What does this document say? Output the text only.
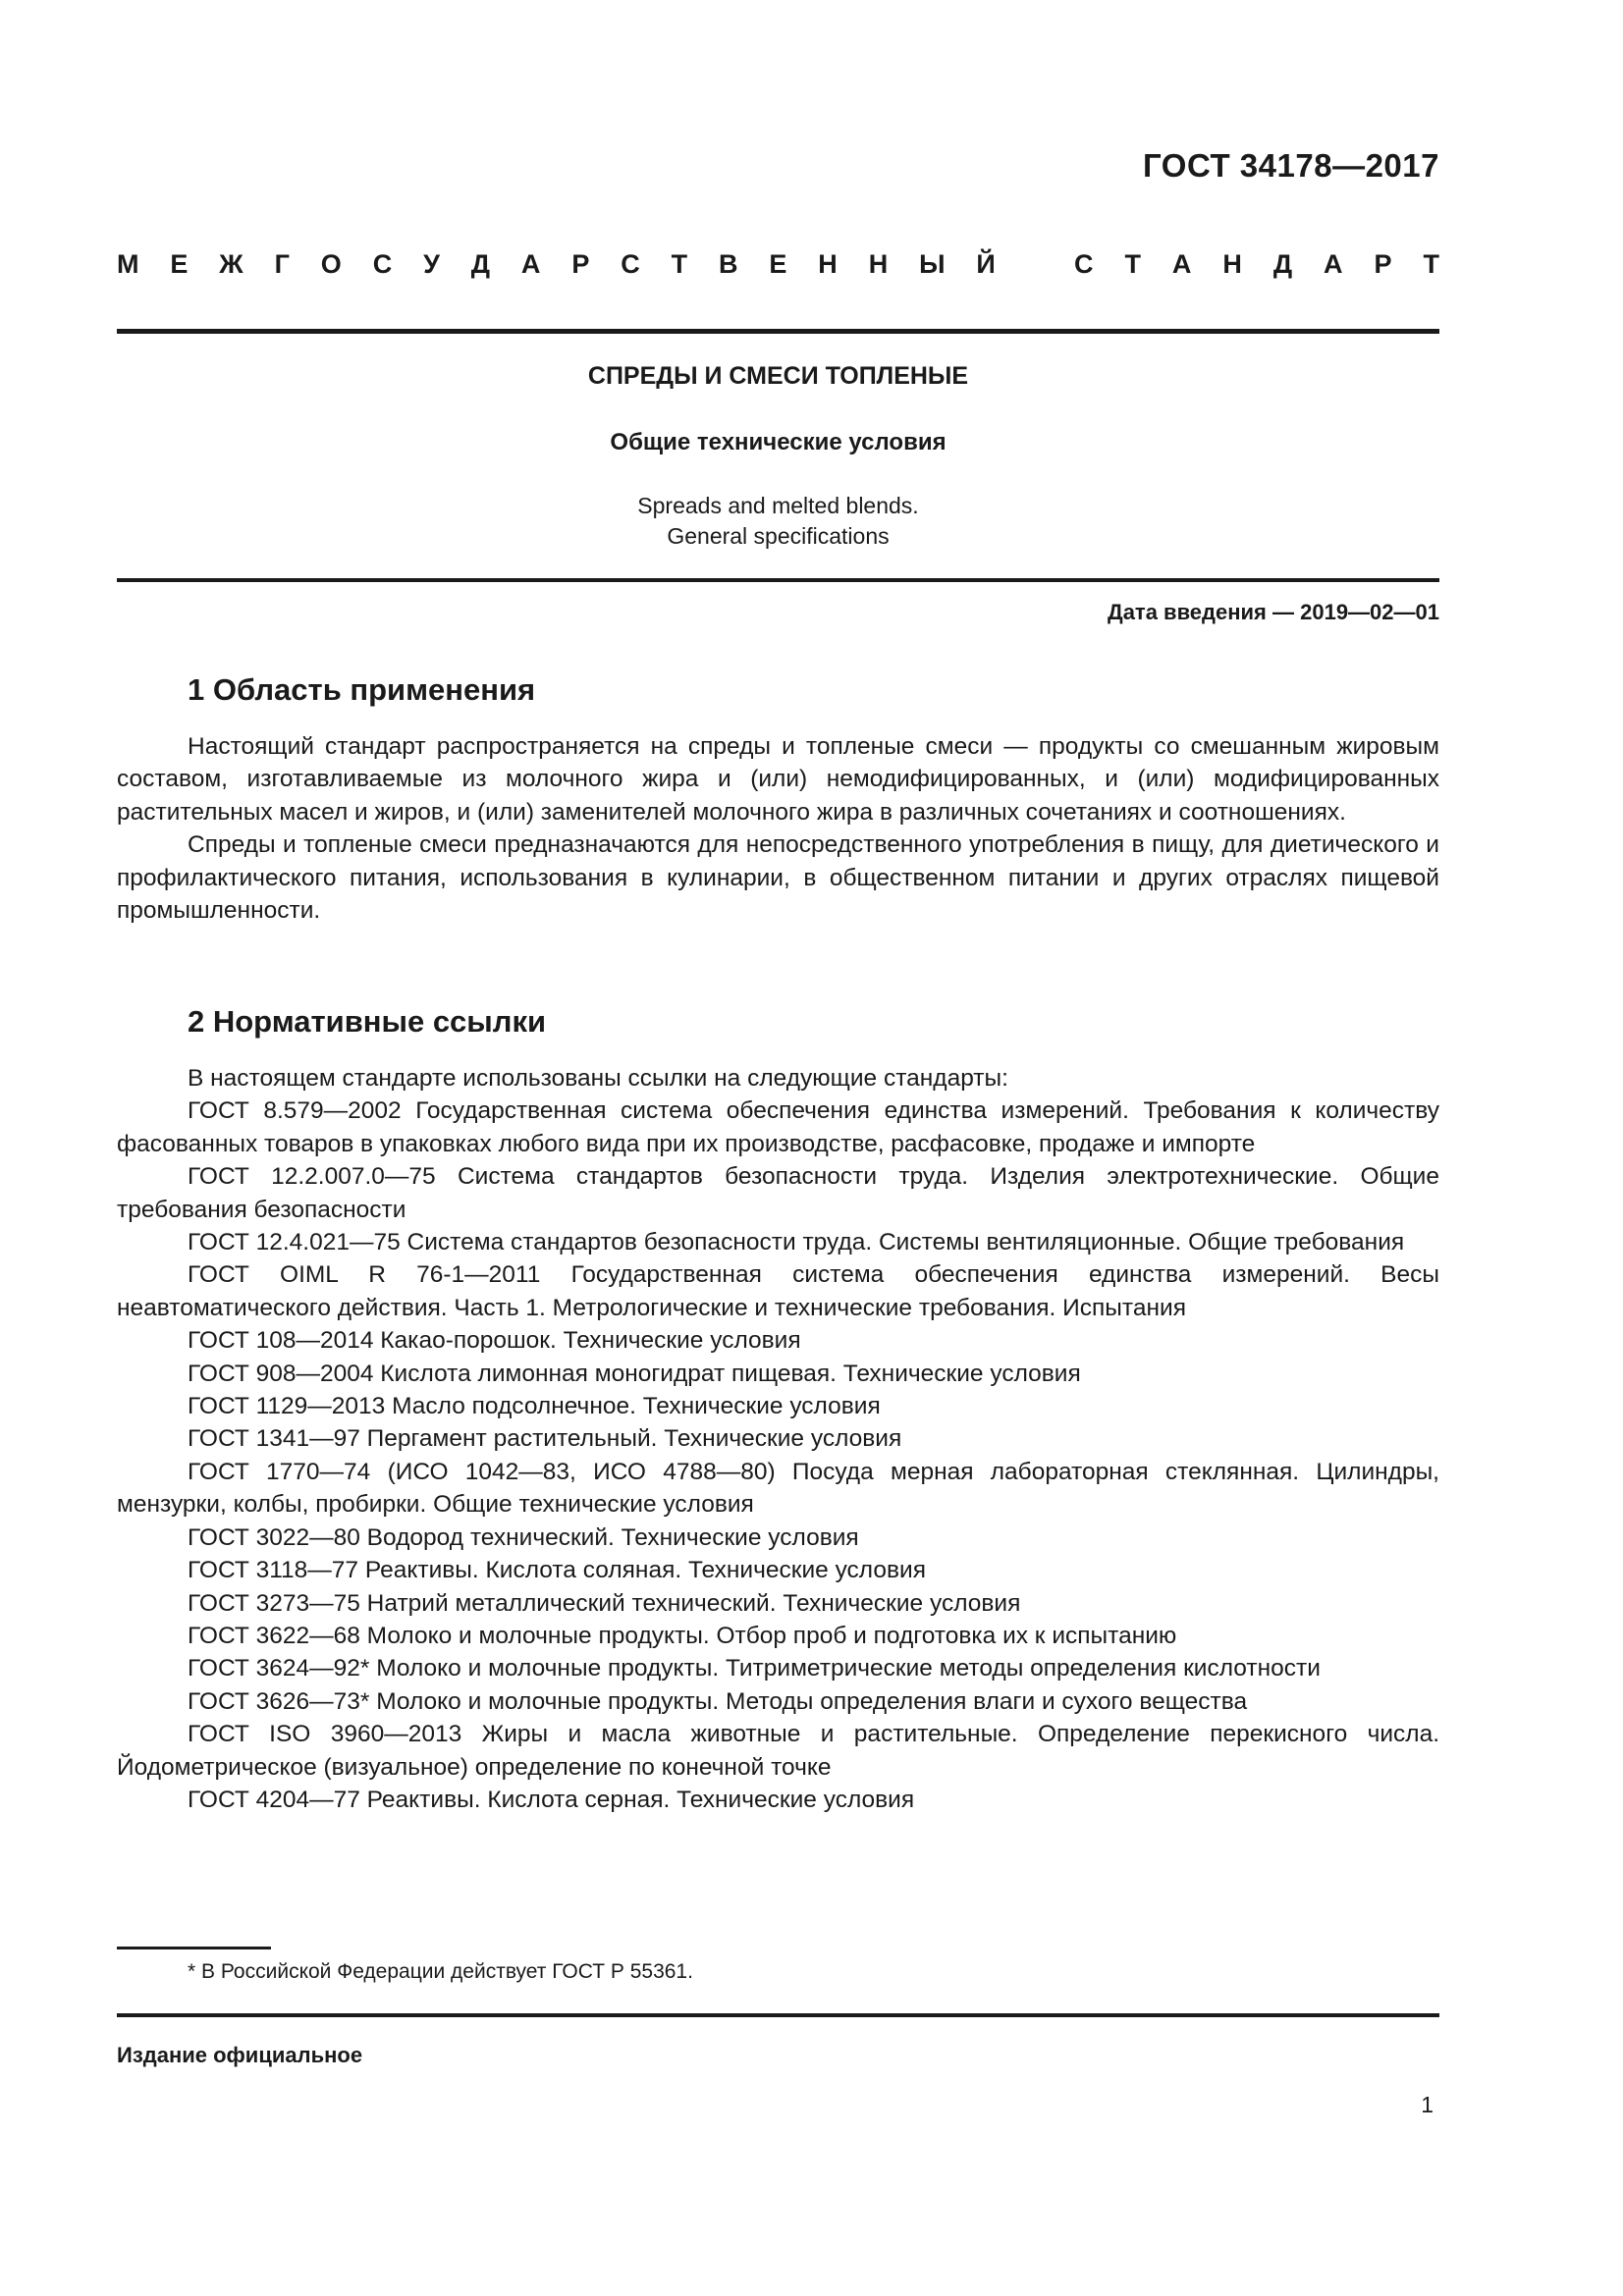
ГОСТ 34178—2017
М Е Ж Г О С У Д А Р С Т В Е Н Н Ы Й	С Т А Н Д А Р Т
СПРЕДЫ И СМЕСИ ТОПЛЕНЫЕ
Общие технические условия
Spreads and melted blends.
General specifications
Дата введения — 2019—02—01
1 Область применения

Настоящий стандарт распространяется на спреды и топленые смеси — продукты со смешанным жировым составом, изготавливаемые из молочного жира и (или) немодифицированных, и (или) модифицированных растительных масел и жиров, и (или) заменителей молочного жира в различных сочетаниях и соотношениях.

Спреды и топленые смеси предназначаются для непосредственного употребления в пищу, для диетического и профилактического питания, использования в кулинарии, в общественном питании и других отраслях пищевой промышленности.

2 Нормативные ссылки

В настоящем стандарте использованы ссылки на следующие стандарты:

ГОСТ 8.579—2002 Государственная система обеспечения единства измерений. Требования к количеству фасованных товаров в упаковках любого вида при их производстве, расфасовке, продаже и импорте

ГОСТ 12.2.007.0—75 Система стандартов безопасности труда. Изделия электротехнические. Общие требования безопасности

ГОСТ 12.4.021—75 Система стандартов безопасности труда. Системы вентиляционные. Общие требования

ГОСТ OIML R 76-1—2011 Государственная система обеспечения единства измерений. Весы неавтоматического действия. Часть 1. Метрологические и технические требования. Испытания

ГОСТ 108—2014 Какао-порошок. Технические условия

ГОСТ 908—2004 Кислота лимонная моногидрат пищевая. Технические условия

ГОСТ 1129—2013 Масло подсолнечное. Технические условия

ГОСТ 1341—97 Пергамент растительный. Технические условия

ГОСТ 1770—74 (ИСО 1042—83, ИСО 4788—80) Посуда мерная лабораторная стеклянная. Цилиндры, мензурки, колбы, пробирки. Общие технические условия

ГОСТ 3022—80 Водород технический. Технические условия

ГОСТ 3118—77 Реактивы. Кислота соляная. Технические условия

ГОСТ 3273—75 Натрий металлический технический. Технические условия

ГОСТ 3622—68 Молоко и молочные продукты. Отбор проб и подготовка их к испытанию

ГОСТ 3624—92* Молоко и молочные продукты. Титриметрические методы определения кислотности

ГОСТ 3626—73* Молоко и молочные продукты. Методы определения влаги и сухого вещества

ГОСТ ISO 3960—2013 Жиры и масла животные и растительные. Определение перекисного числа. Йодометрическое (визуальное) определение по конечной точке

ГОСТ 4204—77 Реактивы. Кислота серная. Технические условия

* В Российской Федерации действует ГОСТ Р 55361.
Издание официальное
1
